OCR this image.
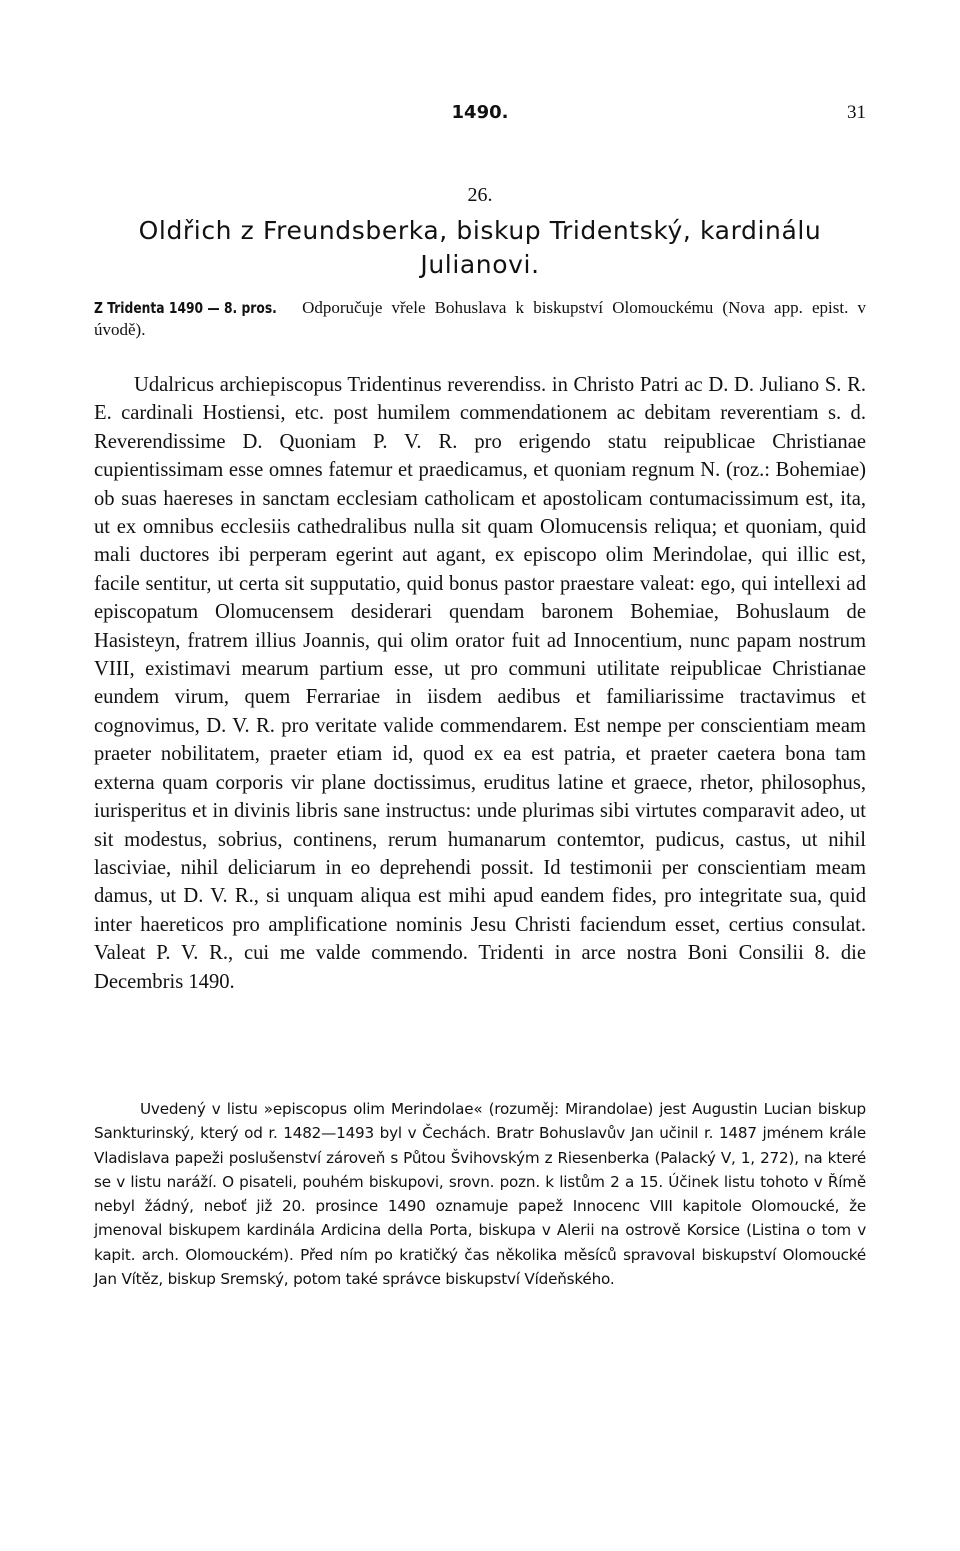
1490.	31
26.
Oldřich z Freundsberka, biskup Tridentský, kardinálu Julianovi.
Z Tridenta 1490 — 8. pros. Odporučuje vřele Bohuslava k biskupství Olomouckému (Nova app. epist. v úvodě).
Udalricus archiepiscopus Tridentinus reverendiss. in Christo Patri ac D. D. Juliano S. R. E. cardinali Hostiensi, etc. post humilem commendationem ac debitam reverentiam s. d. Reverendissime D. Quoniam P. V. R. pro erigendo statu reipublicae Christianae cupientissimam esse omnes fatemur et praedicamus, et quoniam regnum N. (roz.: Bohemiae) ob suas haereses in sanctam ecclesiam catholicam et apostolicam contumacissimum est, ita, ut ex omnibus ecclesiis cathedralibus nulla sit quam Olomucensis reliqua; et quoniam, quid mali ductores ibi perperam egerint aut agant, ex episcopo olim Merindolae, qui illic est, facile sentitur, ut certa sit supputatio, quid bonus pastor praestare valeat: ego, qui intellexi ad episcopatum Olomucensem desiderari quendam baronem Bohemiae, Bohuslaum de Hasisteyn, fratrem illius Joannis, qui olim orator fuit ad Innocentium, nunc papam nostrum VIII, existimavi mearum partium esse, ut pro communi utilitate reipublicae Christianae eundem virum, quem Ferrariae in iisdem aedibus et familiarissime tractavimus et cognovimus, D. V. R. pro veritate valide commendarem. Est nempe per conscientiam meam praeter nobilitatem, praeter etiam id, quod ex ea est patria, et praeter caetera bona tam externa quam corporis vir plane doctissimus, eruditus latine et graece, rhetor, philosophus, iurisperitus et in divinis libris sane instructus: unde plurimas sibi virtutes comparavit adeo, ut sit modestus, sobrius, continens, rerum humanarum contemtor, pudicus, castus, ut nihil lasciviae, nihil deliciarum in eo deprehendi possit. Id testimonii per conscientiam meam damus, ut D. V. R., si unquam aliqua est mihi apud eandem fides, pro integritate sua, quid inter haereticos pro amplificatione nominis Jesu Christi faciendum esset, certius consulat. Valeat P. V. R., cui me valde commendo. Tridenti in arce nostra Boni Consilii 8. die Decembris 1490.
Uvedený v listu »episcopus olim Merindolae« (rozuměj: Mirandolae) jest Augustin Lucian biskup Sankturinský, který od r. 1482—1493 byl v Čechách. Bratr Bohuslavův Jan učinil r. 1487 jménem krále Vladislava papeži poslušenství zároveň s Půtou Švihovským z Riesenberka (Palacký V, 1, 272), na které se v listu naráží. O pisateli, pouhém biskupovi, srovn. pozn. k listům 2 a 15. Účinek listu tohoto v Římě nebyl žádný, neboť již 20. prosince 1490 oznamuje papež Innocenc VIII kapitole Olomoucké, že jmenoval biskupem kardinála Ardicina della Porta, biskupa v Alerii na ostrově Korsice (Listina o tom v kapit. arch. Olomouckém). Před ním po kratičký čas několika měsíců spravoval biskupství Olomoucké Jan Vítěz, biskup Sremský, potom také správce biskupství Vídeňského.
